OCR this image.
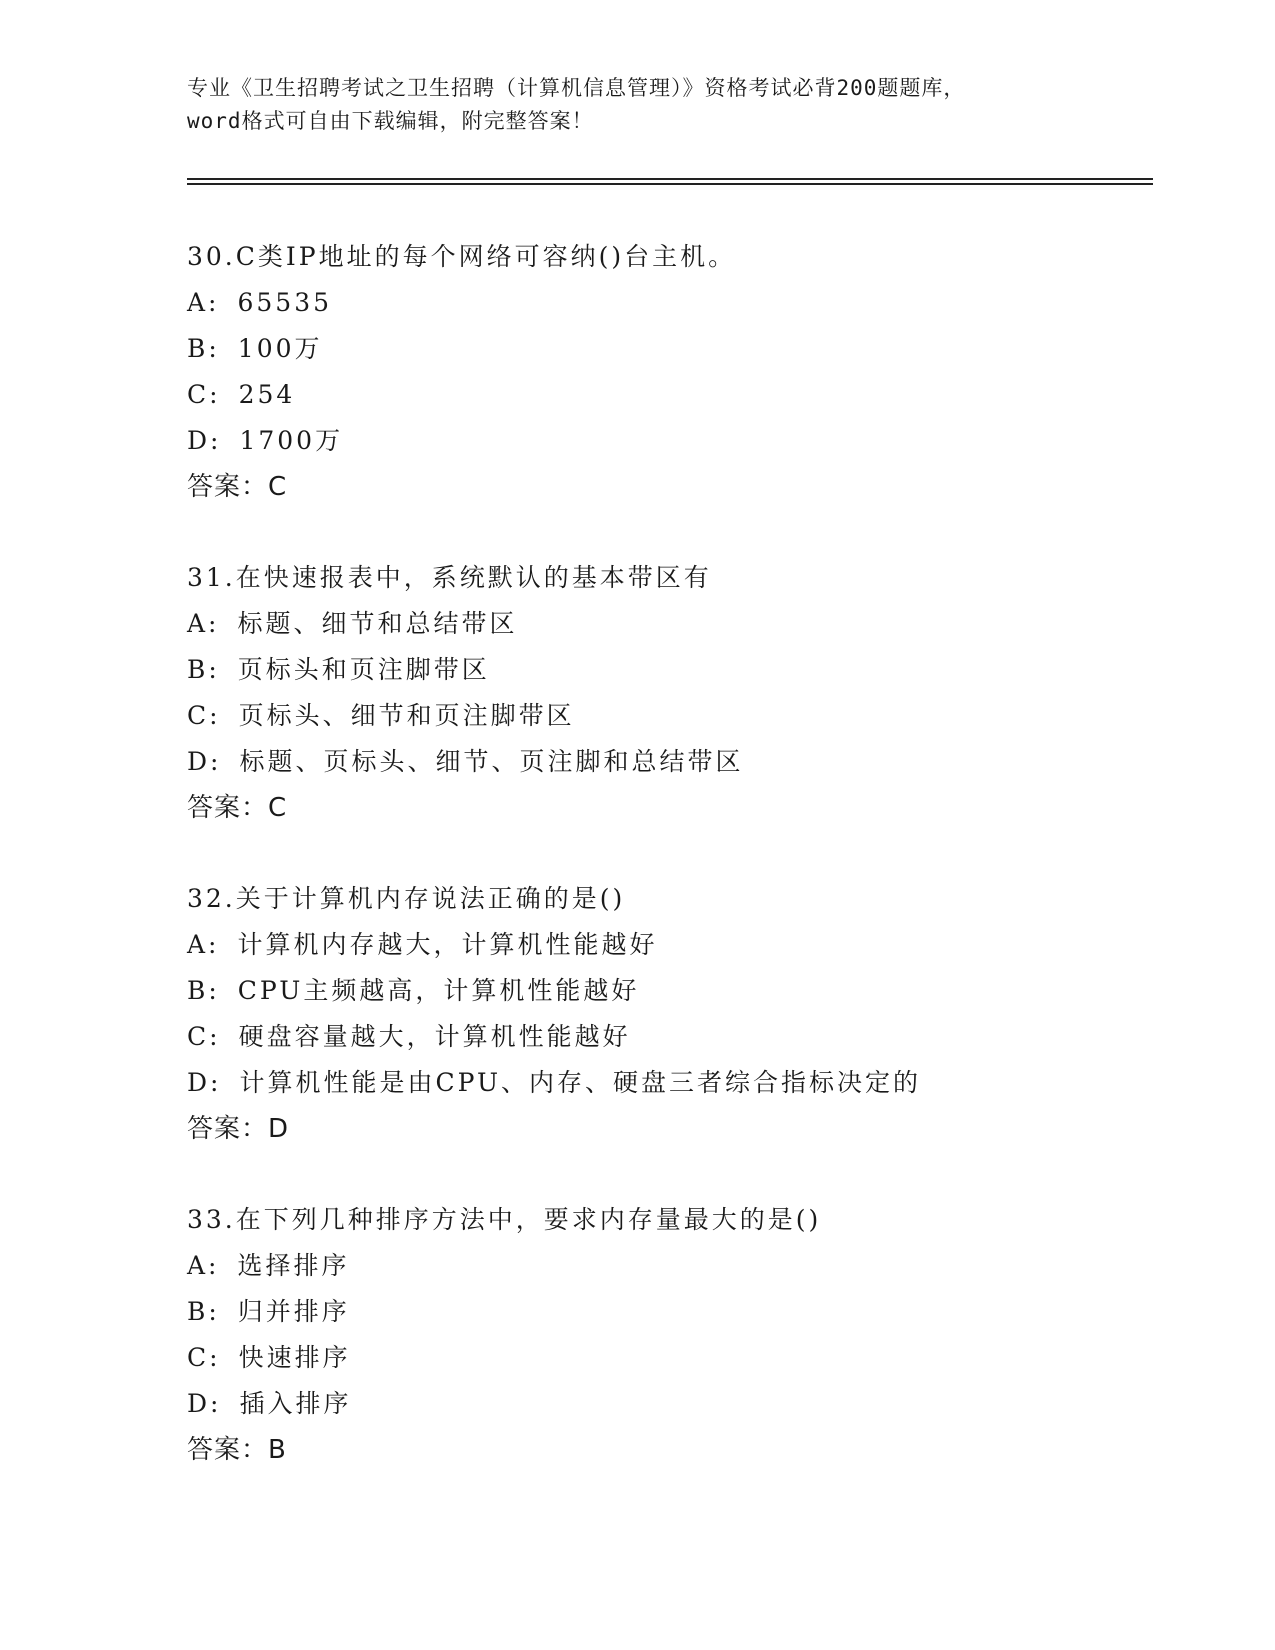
专业《卫生招聘考试之卫生招聘（计算机信息管理）》资格考试必背200题题库，

word格式可自由下载编辑，附完整答案！

30.C类IP地址的每个网络可容纳()台主机。
A: 65535
B: 100万
C: 254
D: 1700万
答案：C
31.在快速报表中，系统默认的基本带区有
A: 标题、细节和总结带区
B: 页标头和页注脚带区
C: 页标头、细节和页注脚带区
D: 标题、页标头、细节、页注脚和总结带区
答案：C
32.关于计算机内存说法正确的是()
A: 计算机内存越大，计算机性能越好
B: CPU主频越高，计算机性能越好
C: 硬盘容量越大，计算机性能越好
D: 计算机性能是由CPU、内存、硬盘三者综合指标决定的
答案：D
33.在下列几种排序方法中，要求内存量最大的是()
A: 选择排序
B: 归并排序
C: 快速排序
D: 插入排序
答案：B
